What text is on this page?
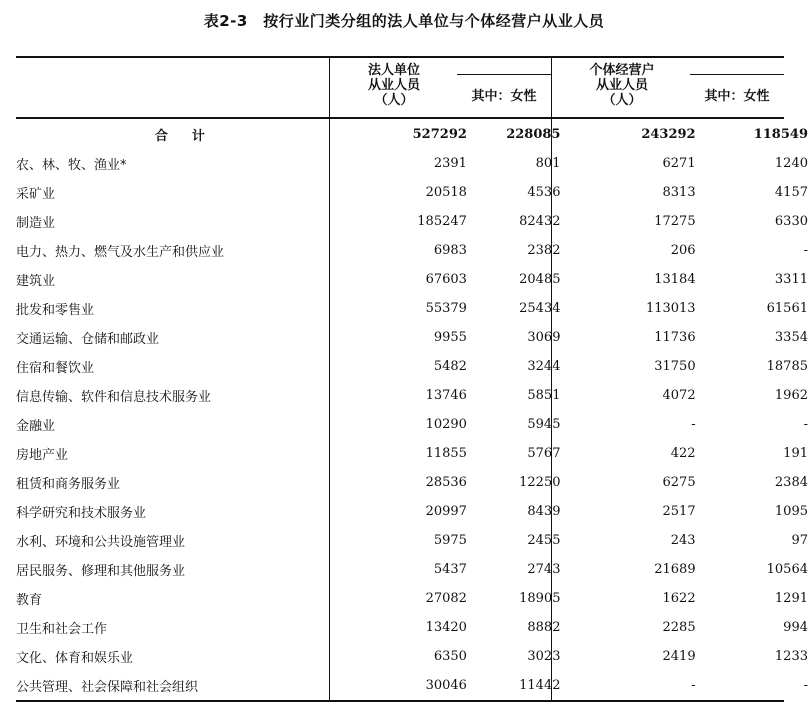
表2-3　按行业门类分组的法人单位与个体经营户从业人员
法人单位
从业人员
（人）	其中：女性
个体经营户
从业人员
（人）	其中：女性
合计	527292	228085	243292	118549
农、林、牧、渔业*	2391	801	6271	1240
采矿业	20518	4536	8313	4157
制造业	185247	82432	17275	6330
电力、热力、燃气及水生产和供应业	6983	2382	206	-
建筑业	67603	20485	13184	3311
批发和零售业	55379	25434	113013	61561
交通运输、仓储和邮政业	9955	3069	11736	3354
住宿和餐饮业	5482	3244	31750	18785
信息传输、软件和信息技术服务业	13746	5851	4072	1962
金融业	10290	5945	-	-
房地产业	11855	5767	422	191
租赁和商务服务业	28536	12250	6275	2384
科学研究和技术服务业	20997	8439	2517	1095
水利、环境和公共设施管理业	5975	2455	243	97
居民服务、修理和其他服务业	5437	2743	21689	10564
教育	27082	18905	1622	1291
卫生和社会工作	13420	8882	2285	994
文化、体育和娱乐业	6350	3023	2419	1233
公共管理、社会保障和社会组织	30046	11442	-	-
